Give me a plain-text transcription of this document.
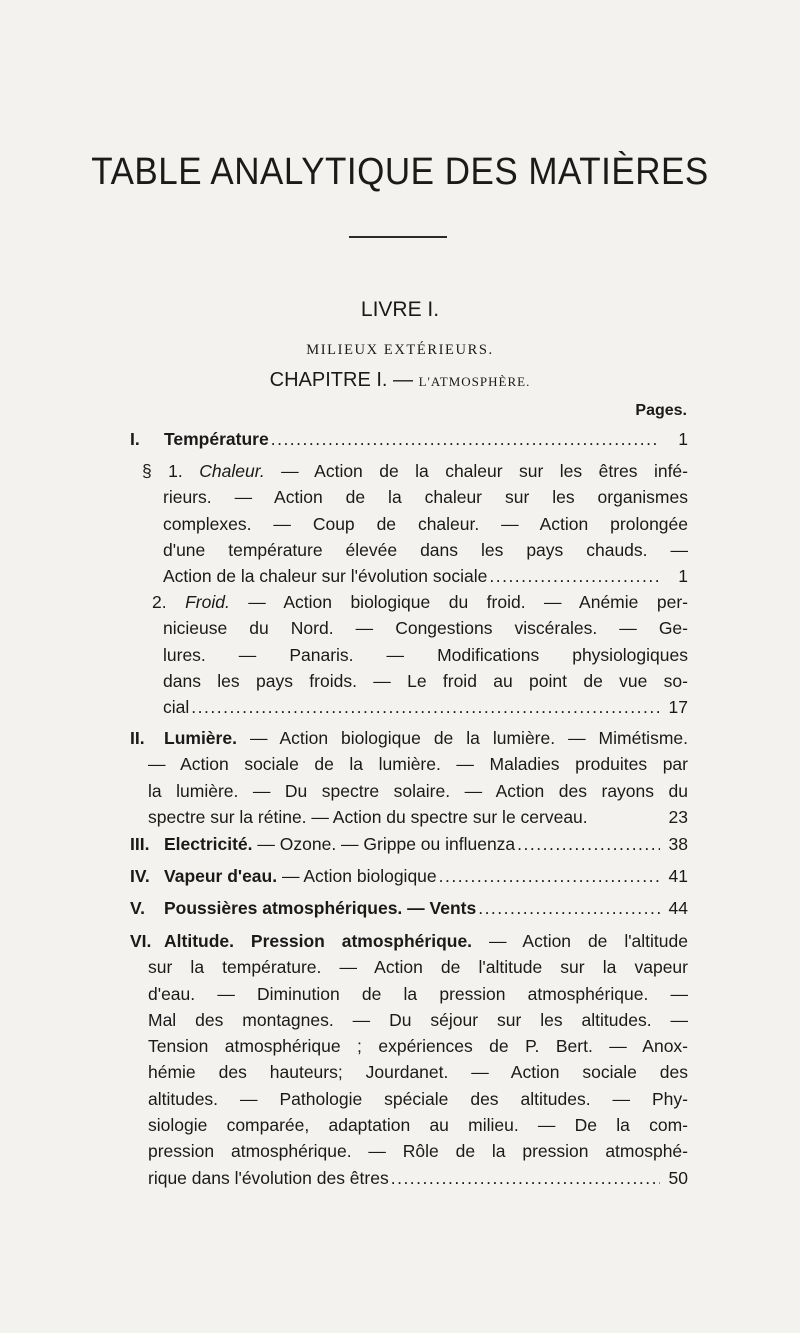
TABLE ANALYTIQUE DES MATIÈRES
LIVRE I.
MILIEUX EXTÉRIEURS.
CHAPITRE I. — L'ATMOSPHÈRE.
Pages.
I. Température .....	1
§ 1. Chaleur. — Action de la chaleur sur les êtres infé-
rieurs. — Action de la chaleur sur les organismes
complexes. — Coup de chaleur. — Action prolongée
d'une température élevée dans les pays chauds. —
Action de la chaleur sur l'évolution sociale .....	1
2. Froid. — Action biologique du froid. — Anémie per-
nicieuse du Nord. — Congestions viscérales. — Ge-
lures. — Panaris. — Modifications physiologiques
dans les pays froids. — Le froid au point de vue so-
cial .....	17
II. Lumière. — Action biologique de la lumière. — Mimétisme.
— Action sociale de la lumière. — Maladies produites par
la lumière. — Du spectre solaire. — Action des rayons du
spectre sur la rétine. — Action du spectre sur le cerveau.	23
III. Electricité. — Ozone. — Grippe ou influenza .....	38
IV. Vapeur d'eau. — Action biologique .....	41
V. Poussières atmosphériques. — Vents .....	44
VI. Altitude. Pression atmosphérique. — Action de l'altitude
sur la température. — Action de l'altitude sur la vapeur
d'eau. — Diminution de la pression atmosphérique. —
Mal des montagnes. — Du séjour sur les altitudes. —
Tension atmosphérique ; expériences de P. Bert. — Anox-
hémie des hauteurs; Jourdanet. — Action sociale des
altitudes. — Pathologie spéciale des altitudes. — Phy-
siologie comparée, adaptation au milieu. — De la com-
pression atmosphérique. — Rôle de la pression atmosphé-
rique dans l'évolution des êtres .....	50
